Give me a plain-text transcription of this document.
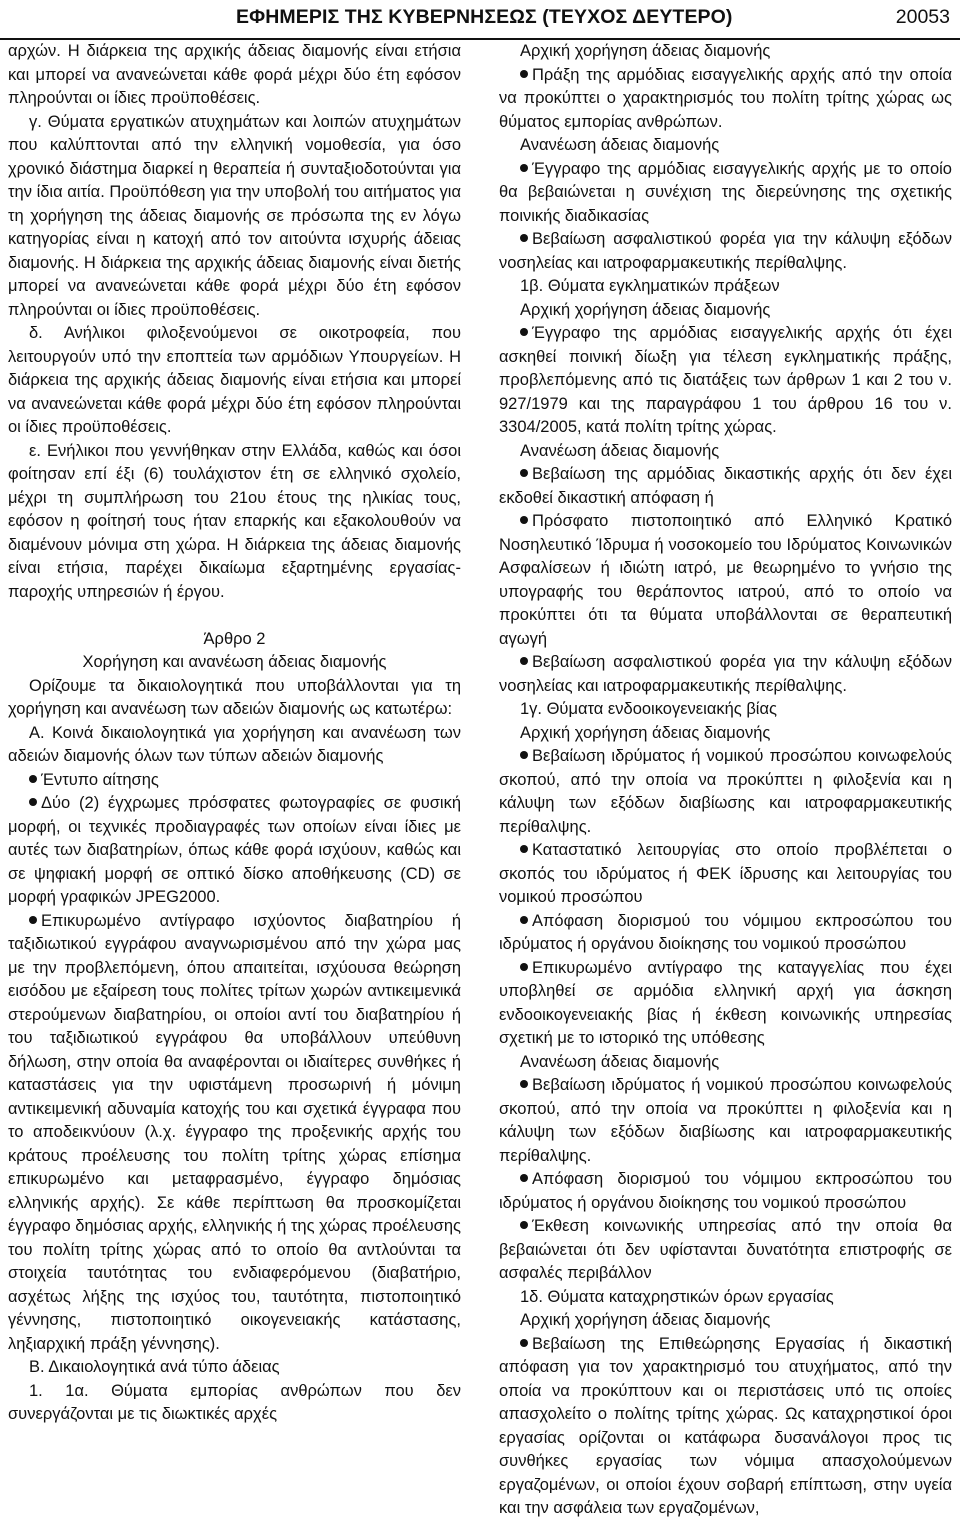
ΕΦΗΜΕΡΙΣ ΤΗΣ ΚΥΒΕΡΝΗΣΕΩΣ (ΤΕΥΧΟΣ ΔΕΥΤΕΡΟ)	20053

αρχών. Η διάρκεια της αρχικής άδειας διαμονής είναι ετήσια και μπορεί να ανανεώνεται κάθε φορά μέχρι δύο έτη εφόσον πληρούνται οι ίδιες προϋποθέσεις.

γ. Θύματα εργατικών ατυχημάτων και λοιπών ατυχημάτων που καλύπτονται από την ελληνική νομοθεσία, για όσο χρονικό διάστημα διαρκεί η θεραπεία ή συνταξιοδοτούνται για την ίδια αιτία. Προϋπόθεση για την υποβολή του αιτήματος για τη χορήγηση της άδειας διαμονής σε πρόσωπα της εν λόγω κατηγορίας είναι η κατοχή από τον αιτούντα ισχυρής άδειας διαμονής. Η διάρκεια της αρχικής άδειας διαμονής είναι διετής μπορεί να ανανεώνεται κάθε φορά μέχρι δύο έτη εφόσον πληρούνται οι ίδιες προϋποθέσεις.

δ. Ανήλικοι φιλοξενούμενοι σε οικοτροφεία, που λειτουργούν υπό την εποπτεία των αρμόδιων Υπουργείων. Η διάρκεια της αρχικής άδειας διαμονής είναι ετήσια και μπορεί να ανανεώνεται κάθε φορά μέχρι δύο έτη εφόσον πληρούνται οι ίδιες προϋποθέσεις.

ε. Ενήλικοι που γεννήθηκαν στην Ελλάδα, καθώς και όσοι φοίτησαν επί έξι (6) τουλάχιστον έτη σε ελληνικό σχολείο, μέχρι τη συμπλήρωση του 21ου έτους της ηλικίας τους, εφόσον η φοίτησή τους ήταν επαρκής και εξακολουθούν να διαμένουν μόνιμα στη χώρα. Η διάρκεια της άδειας διαμονής είναι ετήσια, παρέχει δικαίωμα εξαρτημένης εργασίας-παροχής υπηρεσιών ή έργου.

Άρθρο 2

Χορήγηση και ανανέωση άδειας διαμονής

Ορίζουμε τα δικαιολογητικά που υποβάλλονται για τη χορήγηση και ανανέωση των αδειών διαμονής ως κατωτέρω:

Α. Κοινά δικαιολογητικά για χορήγηση και ανανέωση των αδειών διαμονής όλων των τύπων αδειών διαμονής

Έντυπο αίτησης

Δύο (2) έγχρωμες πρόσφατες φωτογραφίες σε φυσική μορφή, οι τεχνικές προδιαγραφές των οποίων είναι ίδιες με αυτές των διαβατηρίων, όπως κάθε φορά ισχύουν, καθώς και σε ψηφιακή μορφή σε οπτικό δίσκο αποθήκευσης (CD) σε μορφή γραφικών JPEG2000.

Επικυρωμένο αντίγραφο ισχύοντος διαβατηρίου ή ταξιδιωτικού εγγράφου αναγνωρισμένου από την χώρα μας με την προβλεπόμενη, όπου απαιτείται, ισχύουσα θεώρηση εισόδου με εξαίρεση τους πολίτες τρίτων χωρών αντικειμενικά στερούμενων διαβατηρίου, οι οποίοι αντί του διαβατηρίου ή του ταξιδιωτικού εγγράφου θα υποβάλλουν υπεύθυνη δήλωση, στην οποία θα αναφέρονται οι ιδιαίτερες συνθήκες ή καταστάσεις για την υφιστάμενη προσωρινή ή μόνιμη αντικειμενική αδυναμία κατοχής του και σχετικά έγγραφα που το αποδεικνύουν (λ.χ. έγγραφο της προξενικής αρχής του κράτους προέλευσης του πολίτη τρίτης χώρας επίσημα επικυρωμένο και μεταφρασμένο, έγγραφο δημόσιας ελληνικής αρχής). Σε κάθε περίπτωση θα προσκομίζεται έγγραφο δημόσιας αρχής, ελληνικής ή της χώρας προέλευσης του πολίτη τρίτης χώρας από το οποίο θα αντλούνται τα στοιχεία ταυτότητας του ενδιαφερόμενου (διαβατήριο, ασχέτως λήξης της ισχύος του, ταυτότητα, πιστοποιητικό γέννησης, πιστοποιητικό οικογενειακής κατάστασης, ληξιαρχική πράξη γέννησης).

Β. Δικαιολογητικά ανά τύπο άδειας

1. 1α. Θύματα εμπορίας ανθρώπων που δεν συνεργάζονται με τις διωκτικές αρχές

Αρχική χορήγηση άδειας διαμονής

Πράξη της αρμόδιας εισαγγελικής αρχής από την οποία να προκύπτει ο χαρακτηρισμός του πολίτη τρίτης χώρας ως θύματος εμπορίας ανθρώπων.

Ανανέωση άδειας διαμονής

Έγγραφο της αρμόδιας εισαγγελικής αρχής με το οποίο θα βεβαιώνεται η συνέχιση της διερεύνησης της σχετικής ποινικής διαδικασίας

Βεβαίωση ασφαλιστικού φορέα για την κάλυψη εξόδων νοσηλείας και ιατροφαρμακευτικής περίθαλψης.

1β. Θύματα εγκληματικών πράξεων

Αρχική χορήγηση άδειας διαμονής

Έγγραφο της αρμόδιας εισαγγελικής αρχής ότι έχει ασκηθεί ποινική δίωξη για τέλεση εγκληματικής πράξης, προβλεπόμενης από τις διατάξεις των άρθρων 1 και 2 του ν. 927/1979 και της παραγράφου 1 του άρθρου 16 του ν. 3304/2005, κατά πολίτη τρίτης χώρας.

Ανανέωση άδειας διαμονής

Βεβαίωση της αρμόδιας δικαστικής αρχής ότι δεν έχει εκδοθεί δικαστική απόφαση ή

Πρόσφατο πιστοποιητικό από Ελληνικό Κρατικό Νοσηλευτικό Ίδρυμα ή νοσοκομείο του Ιδρύματος Κοινωνικών Ασφαλίσεων ή ιδιώτη ιατρό, με θεωρημένο το γνήσιο της υπογραφής του θεράποντος ιατρού, από το οποίο να προκύπτει ότι τα θύματα υποβάλλονται σε θεραπευτική αγωγή

Βεβαίωση ασφαλιστικού φορέα για την κάλυψη εξόδων νοσηλείας και ιατροφαρμακευτικής περίθαλψης.

1γ. Θύματα ενδοοικογενειακής βίας

Αρχική χορήγηση άδειας διαμονής

Βεβαίωση ιδρύματος ή νομικού προσώπου κοινωφελούς σκοπού, από την οποία να προκύπτει η φιλοξενία και η κάλυψη των εξόδων διαβίωσης και ιατροφαρμακευτικής περίθαλψης.

Καταστατικό λειτουργίας στο οποίο προβλέπεται ο σκοπός του ιδρύματος ή ΦΕΚ ίδρυσης και λειτουργίας του νομικού προσώπου

Απόφαση διορισμού του νόμιμου εκπροσώπου του ιδρύματος ή οργάνου διοίκησης του νομικού προσώπου

Επικυρωμένο αντίγραφο της καταγγελίας που έχει υποβληθεί σε αρμόδια ελληνική αρχή για άσκηση ενδοοικογενειακής βίας ή έκθεση κοινωνικής υπηρεσίας σχετική με το ιστορικό της υπόθεσης

Ανανέωση άδειας διαμονής

Βεβαίωση ιδρύματος ή νομικού προσώπου κοινωφελούς σκοπού, από την οποία να προκύπτει η φιλοξενία και η κάλυψη των εξόδων διαβίωσης και ιατροφαρμακευτικής περίθαλψης.

Απόφαση διορισμού του νόμιμου εκπροσώπου του ιδρύματος ή οργάνου διοίκησης του νομικού προσώπου

Έκθεση κοινωνικής υπηρεσίας από την οποία θα βεβαιώνεται ότι δεν υφίστανται δυνατότητα επιστροφής σε ασφαλές περιβάλλον

1δ. Θύματα καταχρηστικών όρων εργασίας

Αρχική χορήγηση άδειας διαμονής

Βεβαίωση της Επιθεώρησης Εργασίας ή δικαστική απόφαση για τον χαρακτηρισμό του ατυχήματος, από την οποία να προκύπτουν και οι περιστάσεις υπό τις οποίες απασχολείτο ο πολίτης τρίτης χώρας. Ως καταχρηστικοί όροι εργασίας ορίζονται οι κατάφωρα δυσανάλογοι προς τις συνθήκες εργασίας των νόμιμα απασχολούμενων εργαζομένων, οι οποίοι έχουν σοβαρή επίπτωση, στην υγεία και την ασφάλεια των εργαζομένων,
